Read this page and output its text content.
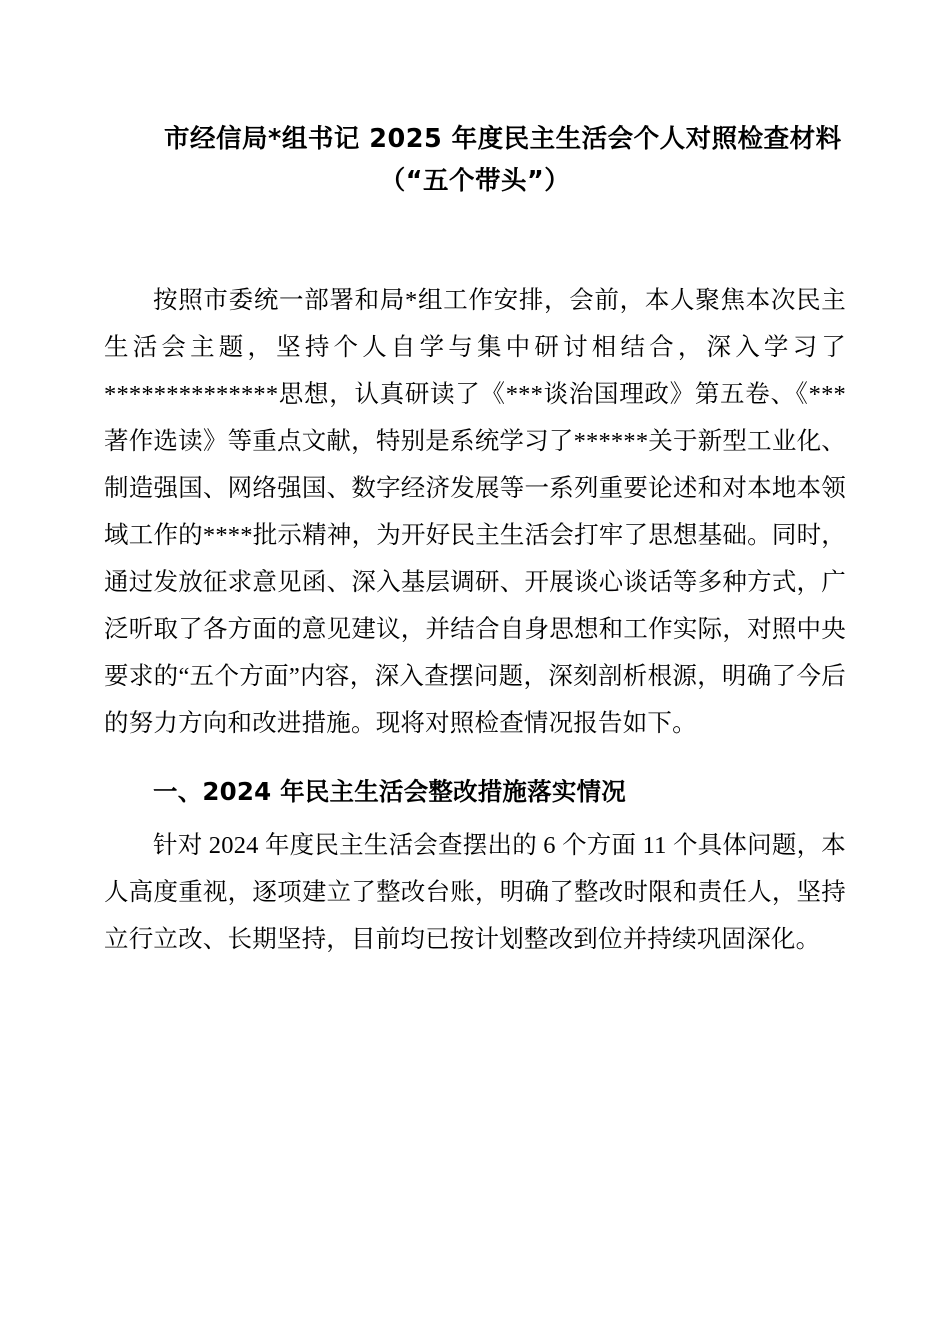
市经信局*组书记 2025 年度民主生活会个人对照检查材料
（“五个带头”）

按照市委统一部署和局*组工作安排，会前，本人聚焦本次民主生活会主题，坚持个人自学与集中研讨相结合，深入学习了**************思想，认真研读了《***谈治国理政》第五卷、《***著作选读》等重点文献，特别是系统学习了******关于新型工业化、制造强国、网络强国、数字经济发展等一系列重要论述和对本地本领域工作的****批示精神，为开好民主生活会打牢了思想基础。同时，通过发放征求意见函、深入基层调研、开展谈心谈话等多种方式，广泛听取了各方面的意见建议，并结合自身思想和工作实际，对照中央要求的“五个方面”内容，深入查摆问题，深刻剖析根源，明确了今后的努力方向和改进措施。现将对照检查情况报告如下。

一、2024 年民主生活会整改措施落实情况

针对 2024 年度民主生活会查摆出的 6 个方面 11 个具体问题，本人高度重视，逐项建立了整改台账，明确了整改时限和责任人，坚持立行立改、长期坚持，目前均已按计划整改到位并持续巩固深化。
